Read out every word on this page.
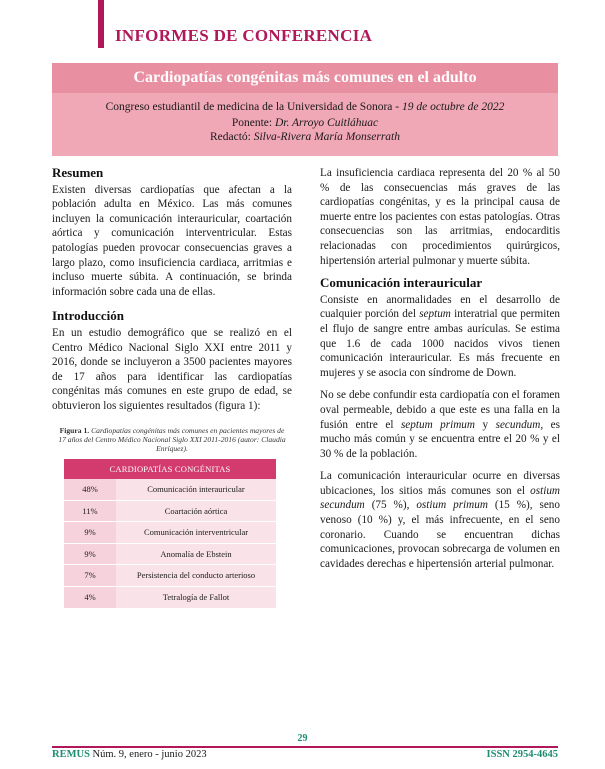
INFORMES DE CONFERENCIA
Cardiopatías congénitas más comunes en el adulto
Congreso estudiantil de medicina de la Universidad de Sonora - 19 de octubre de 2022
Ponente: Dr. Arroyo Cuitláhuac
Redactó: Silva-Rivera María Monserrath
Resumen

Existen diversas cardiopatías que afectan a la población adulta en México. Las más comunes incluyen la comunicación interauricular, coartación aórtica y comunicación interventricular. Estas patologías pueden provocar consecuencias graves a largo plazo, como insuficiencia cardiaca, arritmias e incluso muerte súbita. A continuación, se brinda información sobre cada una de ellas.

Introducción

En un estudio demográfico que se realizó en el Centro Médico Nacional Siglo XXI entre 2011 y 2016, donde se incluyeron a 3500 pacientes mayores de 17 años para identificar las cardiopatías congénitas más comunes en este grupo de edad, se obtuvieron los siguientes resultados (figura 1):

Figura 1. Cardiopatías congénitas más comunes en pacientes mayores de 17 años del Centro Médico Nacional Siglo XXI 2011-2016 (autor: Claudia Enríquez).
CARDIOPATÍAS CONGÉNITAS	
48%	Comunicación interauricular
11%	Coartación aórtica
9%	Comunicación interventricular
9%	Anomalía de Ebstein
7%	Persistencia del conducto arterioso
4%	Tetralogía de Fallot

La insuficiencia cardiaca representa del 20 % al 50 % de las consecuencias más graves de las cardiopatías congénitas, y es la principal causa de muerte entre los pacientes con estas patologías. Otras consecuencias son las arritmias, endocarditis relacionadas con procedimientos quirúrgicos, hipertensión arterial pulmonar y muerte súbita.

Comunicación interauricular

Consiste en anormalidades en el desarrollo de cualquier porción del septum interatrial que permiten el flujo de sangre entre ambas aurículas. Se estima que 1.6 de cada 1000 nacidos vivos tienen comunicación interauricular. Es más frecuente en mujeres y se asocia con síndrome de Down.

No se debe confundir esta cardiopatía con el foramen oval permeable, debido a que este es una falla en la fusión entre el septum primum y secundum, es mucho más común y se encuentra entre el 20 % y el 30 % de la población.

La comunicación interauricular ocurre en diversas ubicaciones, los sitios más comunes son el ostium secundum (75 %), ostium primum (15 %), seno venoso (10 %) y, el más infrecuente, en el seno coronario. Cuando se encuentran dichas comunicaciones, provocan sobrecarga de volumen en cavidades derechas e hipertensión arterial pulmonar.

29
REMUS Núm. 9, enero - junio 2023	ISSN 2954-4645
